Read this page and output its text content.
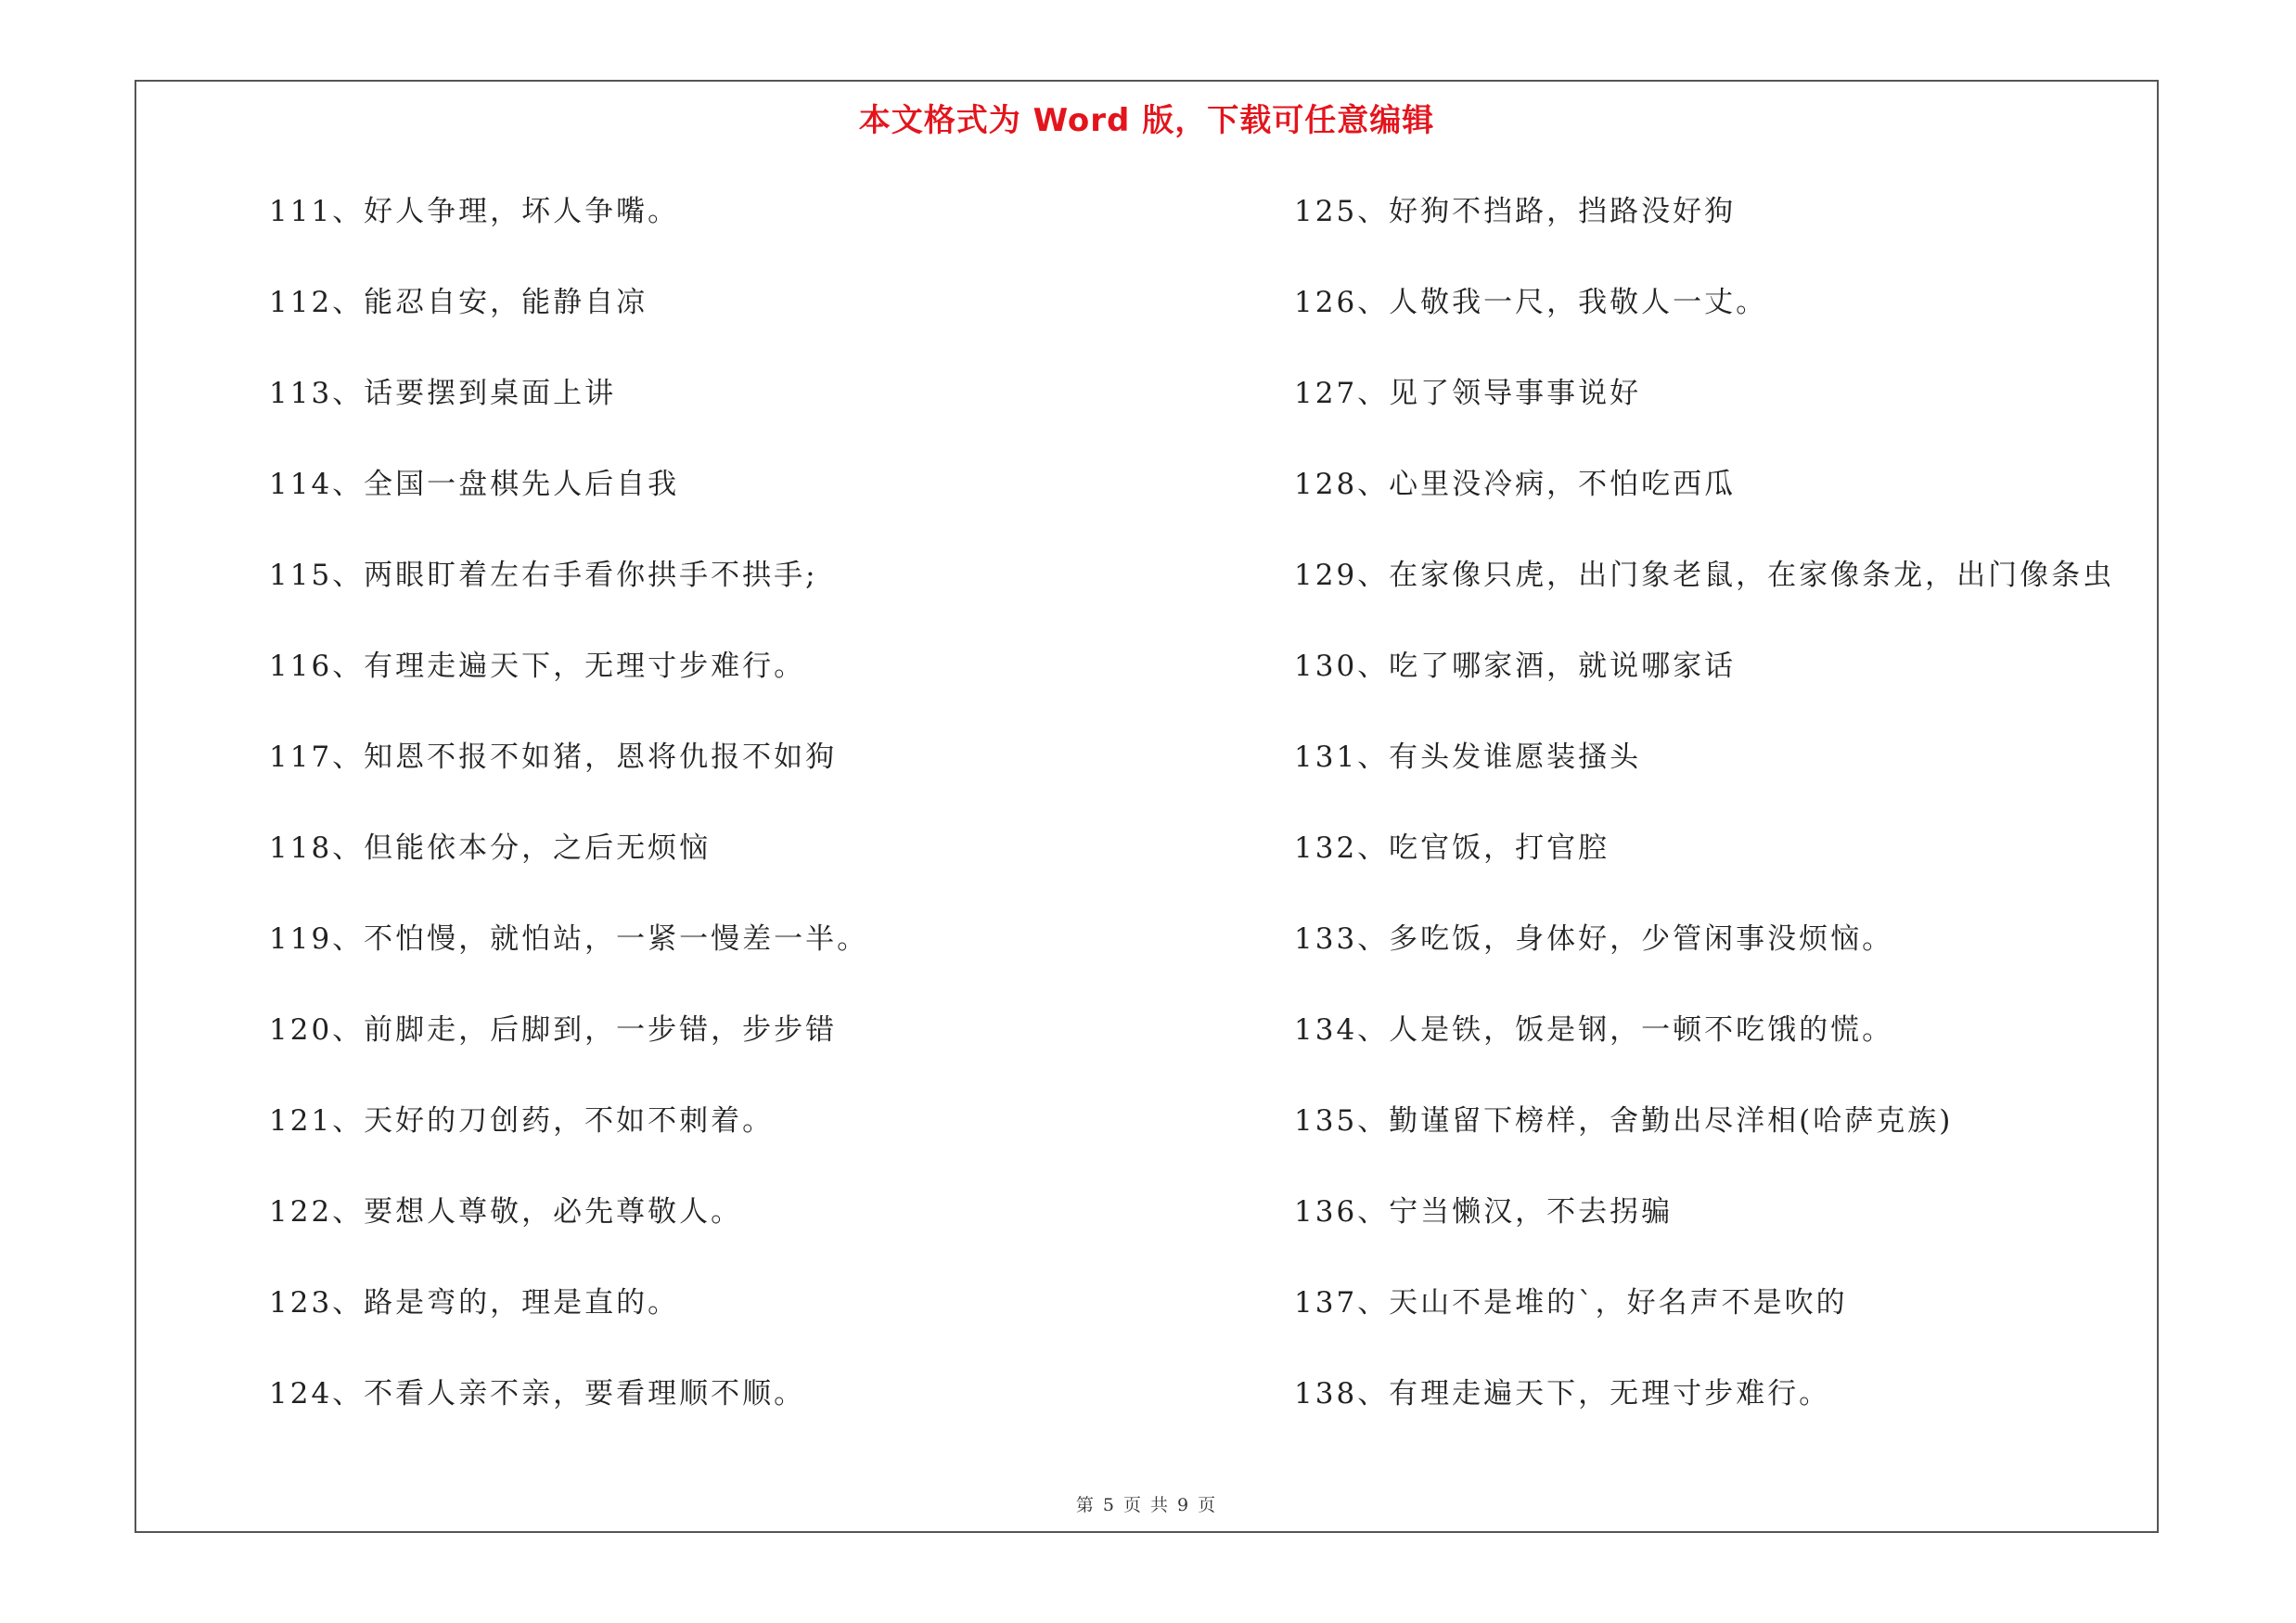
本文格式为 Word 版，下载可任意编辑
111、好人争理，坏人争嘴。
112、能忍自安，能静自凉
113、话要摆到桌面上讲
114、全国一盘棋先人后自我
115、两眼盯着左右手看你拱手不拱手;
116、有理走遍天下，无理寸步难行。
117、知恩不报不如猪，恩将仇报不如狗
118、但能依本分，之后无烦恼
119、不怕慢，就怕站，一紧一慢差一半。
120、前脚走，后脚到，一步错，步步错
121、天好的刀创药，不如不刺着。
122、要想人尊敬，必先尊敬人。
123、路是弯的，理是直的。
124、不看人亲不亲，要看理顺不顺。
125、好狗不挡路，挡路没好狗
126、人敬我一尺，我敬人一丈。
127、见了领导事事说好
128、心里没冷病，不怕吃西瓜
129、在家像只虎，出门象老鼠，在家像条龙，出门像条虫
130、吃了哪家酒，就说哪家话
131、有头发谁愿装搔头
132、吃官饭，打官腔
133、多吃饭，身体好，少管闲事没烦恼。
134、人是铁，饭是钢，一顿不吃饿的慌。
135、勤谨留下榜样，舍勤出尽洋相(哈萨克族)
136、宁当懒汉，不去拐骗
137、天山不是堆的`，好名声不是吹的
138、有理走遍天下，无理寸步难行。
第 5 页 共 9 页
